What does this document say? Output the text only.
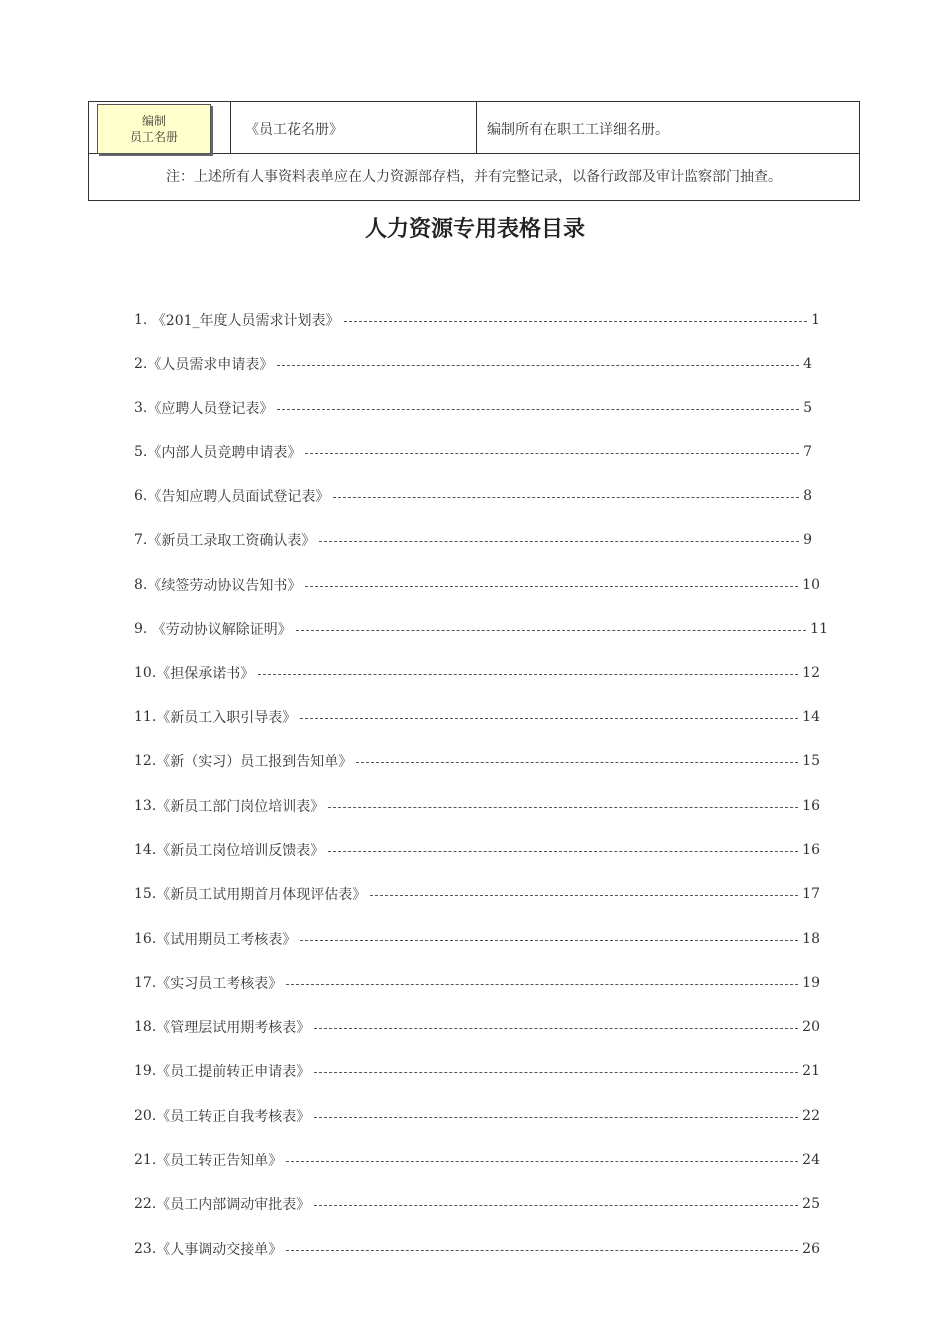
编制
员工名册	《员工花名册》	编制所有在职工工详细名册。
注：上述所有人事资料表单应在人力资源部存档，并有完整记录，以备行政部及审计监察部门抽查。
人力资源专用表格目录
1. 《201_年度人员需求计划表》	1
2. 《人员需求申请表》	4
3. 《应聘人员登记表》	5
5. 《内部人员竞聘申请表》	7
6. 《告知应聘人员面试登记表》	8
7. 《新员工录取工资确认表》	9
8. 《续签劳动协议告知书》	10
9. 《劳动协议解除证明》	11
10. 《担保承诺书》	12
11. 《新员工入职引导表》	14
12. 《新（实习）员工报到告知单》	15
13. 《新员工部门岗位培训表》	16
14. 《新员工岗位培训反馈表》	16
15. 《新员工试用期首月体现评估表》	17
16. 《试用期员工考核表》	18
17. 《实习员工考核表》	19
18. 《管理层试用期考核表》	20
19. 《员工提前转正申请表》	21
20. 《员工转正自我考核表》	22
21. 《员工转正告知单》	24
22. 《员工内部调动审批表》	25
23. 《人事调动交接单》	26
